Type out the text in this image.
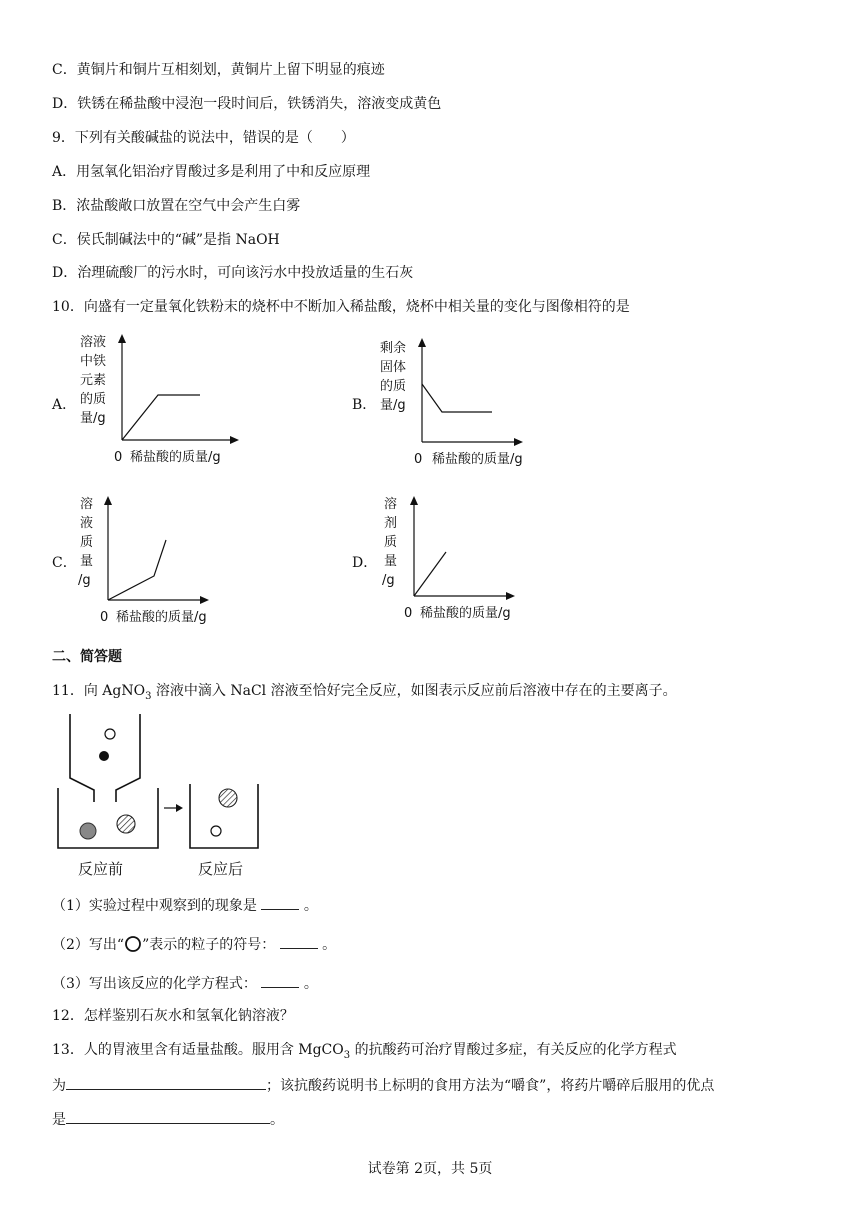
C．黄铜片和铜片互相刻划，黄铜片上留下明显的痕迹
D．铁锈在稀盐酸中浸泡一段时间后，铁锈消失，溶液变成黄色
9．下列有关酸碱盐的说法中，错误的是（　　）
A．用氢氧化铝治疗胃酸过多是利用了中和反应原理
B．浓盐酸敞口放置在空气中会产生白雾
C．侯氏制碱法中的“碱”是指 NaOH
D．治理硫酸厂的污水时，可向该污水中投放适量的生石灰
10．向盛有一定量氧化铁粉末的烧杯中不断加入稀盐酸，烧杯中相关量的变化与图像相符的是
A．
溶液
中铁
元素
的质
量/g
0 稀盐酸的质量/g
B．
剩余
固体
的质
量/g
0 稀盐酸的质量/g
C．
溶
液
质
量
/g
0 稀盐酸的质量/g
D．
溶
剂
质
量
/g
0 稀盐酸的质量/g
二、简答题
11．向 AgNO$_3$ 溶液中滴入 NaCl 溶液至恰好完全反应，如图表示反应前后溶液中存在的主要离子。
反应前	反应后
（1）实验过程中观察到的现象是	。
（2）写出“ ”表示的粒子的符号：	。
（3）写出该反应的化学方程式：	。
12．怎样鉴别石灰水和氢氧化钠溶液？
13．人的胃液里含有适量盐酸。服用含 MgCO$_3$ 的抗酸药可治疗胃酸过多症，有关反应的化学方程式
为	；该抗酸药说明书上标明的食用方法为“嚼食”，将药片嚼碎后服用的优点
是	。
试卷第 2页，共 5页
